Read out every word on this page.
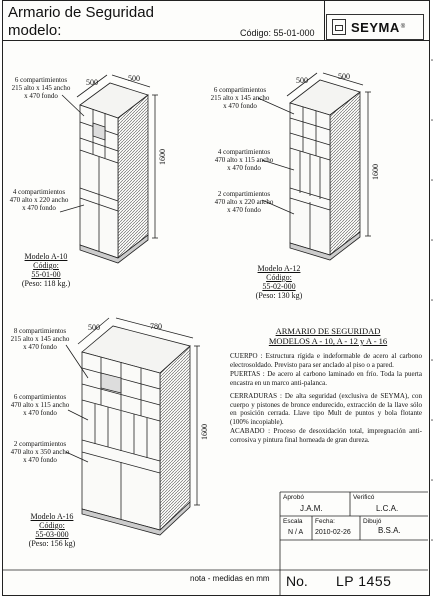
Armario de Seguridad
modelo:	Código: 55-01-000	SEYMA ®
500	500
1600
6 compartimientos
215 alto x 145 ancho
x 470 fondo
4 compartimientos
470 alto x 220 ancho
x 470 fondo
Modelo A-10
Código:
55-01-00
(Peso: 118 kg.)
500	500
1600
6 compartimientos
215 alto x 145 ancho
x 470 fondo
4 compartimientos
470 alto x 115 ancho
x 470 fondo
2 compartimientos
470 alto x 220 ancho
x 470 fondo
Modelo A-12
Código:
55-02-000
(Peso: 130 kg)
500	780
1600
8 compartimientos
215 alto x 145 ancho
x 470 fondo
6 compartimientos
470 alto x 115 ancho
x 470 fondo
2 compartimientos
470 alto x 350 ancho
x 470 fondo
Modelo A-16
Código:
55-03-000
(Peso: 156 kg)
ARMARIO DE SEGURIDAD
MODELOS A - 10, A - 12 y A - 16
CUERPO : Estructura rígida e indeformable de acero al carbono electrosoldado. Previsto para ser anclado al piso o a pared.
PUERTAS : De acero al carbono laminado en frío. Toda la puerta encastra en un marco anti-palanca.
CERRADURAS : De alta seguridad (exclusiva de SEYMA), con cuerpo y pistones de bronce endurecido, extracción de la llave sólo en posición cerrada. Llave tipo Mult de puntos y bola flotante (100% incopiable).
ACABADO : Proceso de desoxidación total, impregnación anti-corrosiva y pintura final horneada de gran dureza.
Aprobó
J.A.M.
Verificó
L.C.A.
Escala
N / A
Fecha:
2010-02-26
Dibujó
B.S.A.
nota - medidas en mm No. LP 1455
